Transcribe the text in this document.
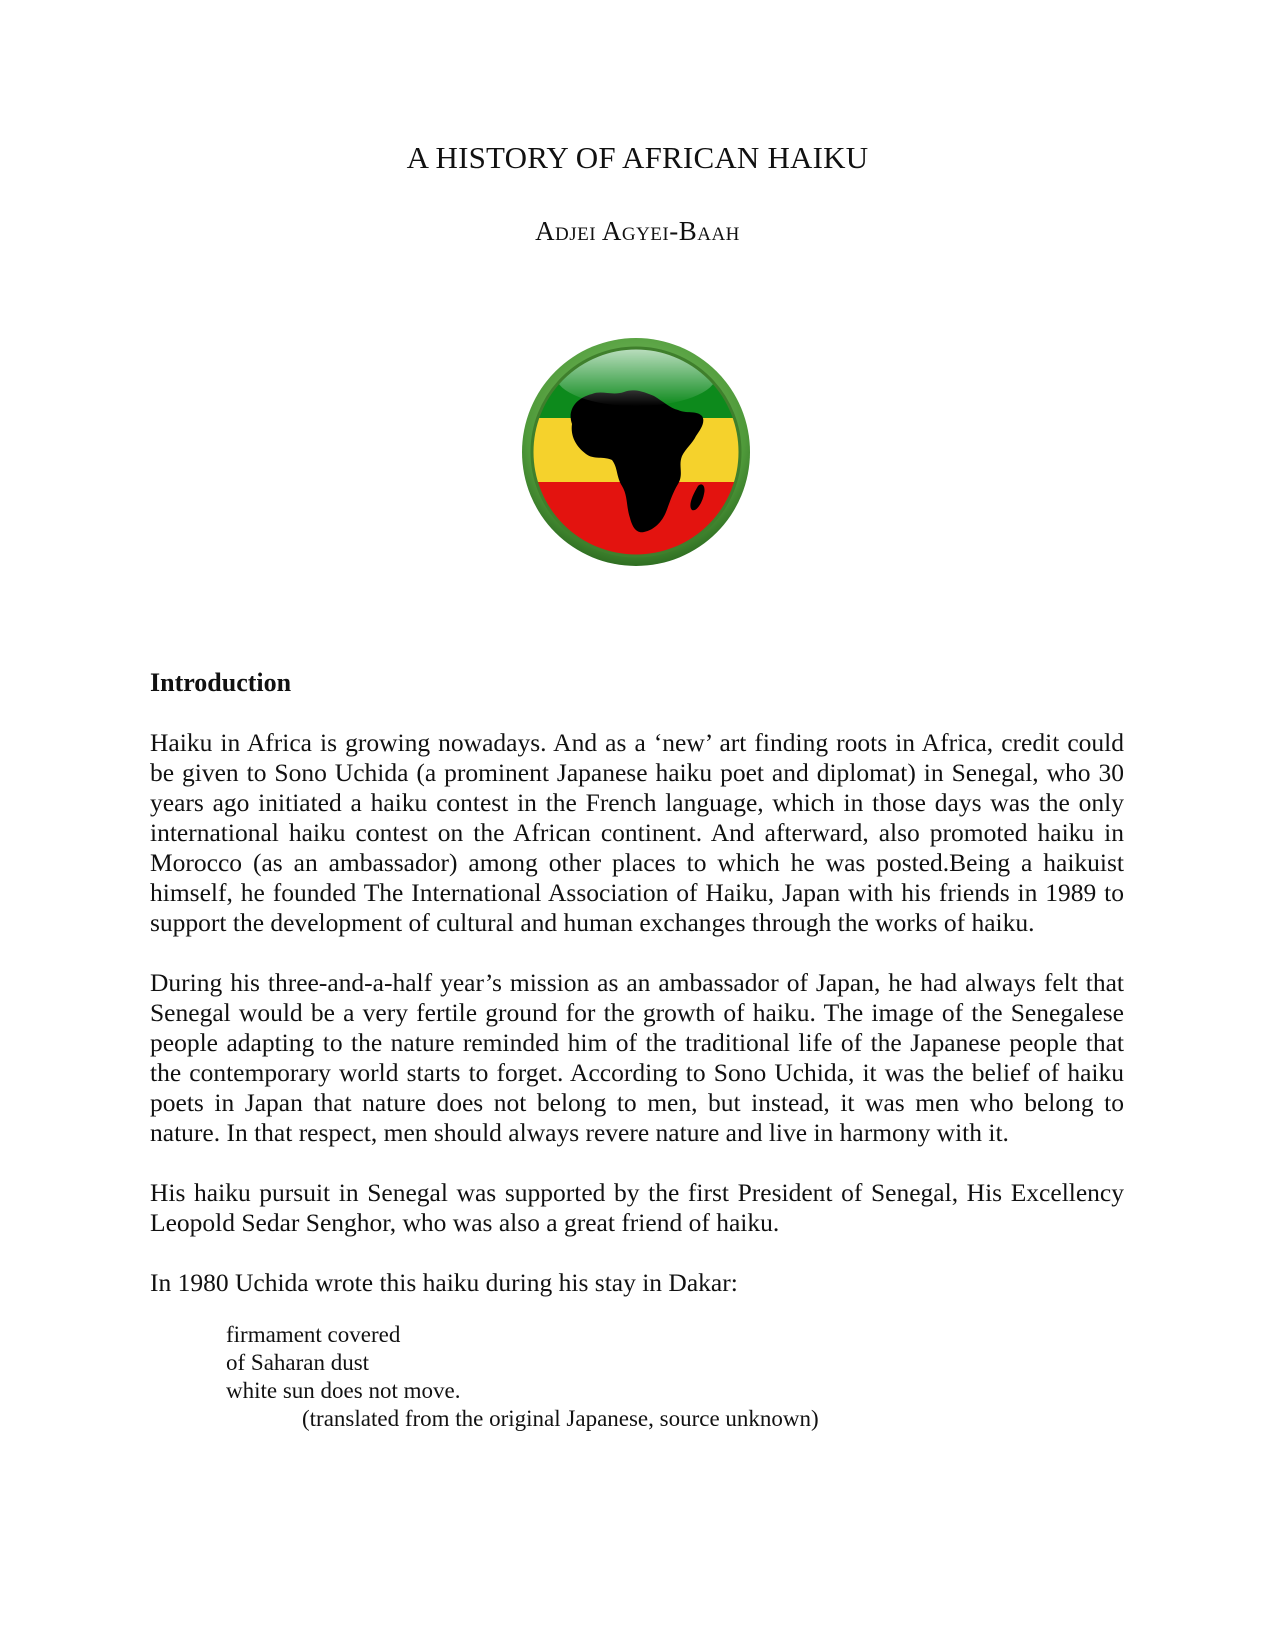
A HISTORY OF AFRICAN HAIKU
Adjei Agyei-Baah
Introduction

Haiku in Africa is growing nowadays. And as a ‘new’ art finding roots in Africa, credit could be given to Sono Uchida (a prominent Japanese haiku poet and diplomat) in Senegal, who 30 years ago initiated a haiku contest in the French language, which in those days was the only international haiku contest on the African continent. And afterward, also promoted haiku in Morocco (as an ambassador) among other places to which he was posted.Being a haikuist himself, he founded The International Association of Haiku, Japan with his friends in 1989 to support the development of cultural and human exchanges through the works of haiku.

During his three-and-a-half year’s mission as an ambassador of Japan, he had always felt that Senegal would be a very fertile ground for the growth of haiku. The image of the Senegalese people adapting to the nature reminded him of the traditional life of the Japanese people that the contemporary world starts to forget. According to Sono Uchida, it was the belief of haiku poets in Japan that nature does not belong to men, but instead, it was men who belong to nature. In that respect, men should always revere nature and live in harmony with it.

His haiku pursuit in Senegal was supported by the first President of Senegal, His Excellency Leopold Sedar Senghor, who was also a great friend of haiku.

In 1980 Uchida wrote this haiku during his stay in Dakar:

firmament covered
of Saharan dust
white sun does not move.
(translated from the original Japanese, source unknown)
